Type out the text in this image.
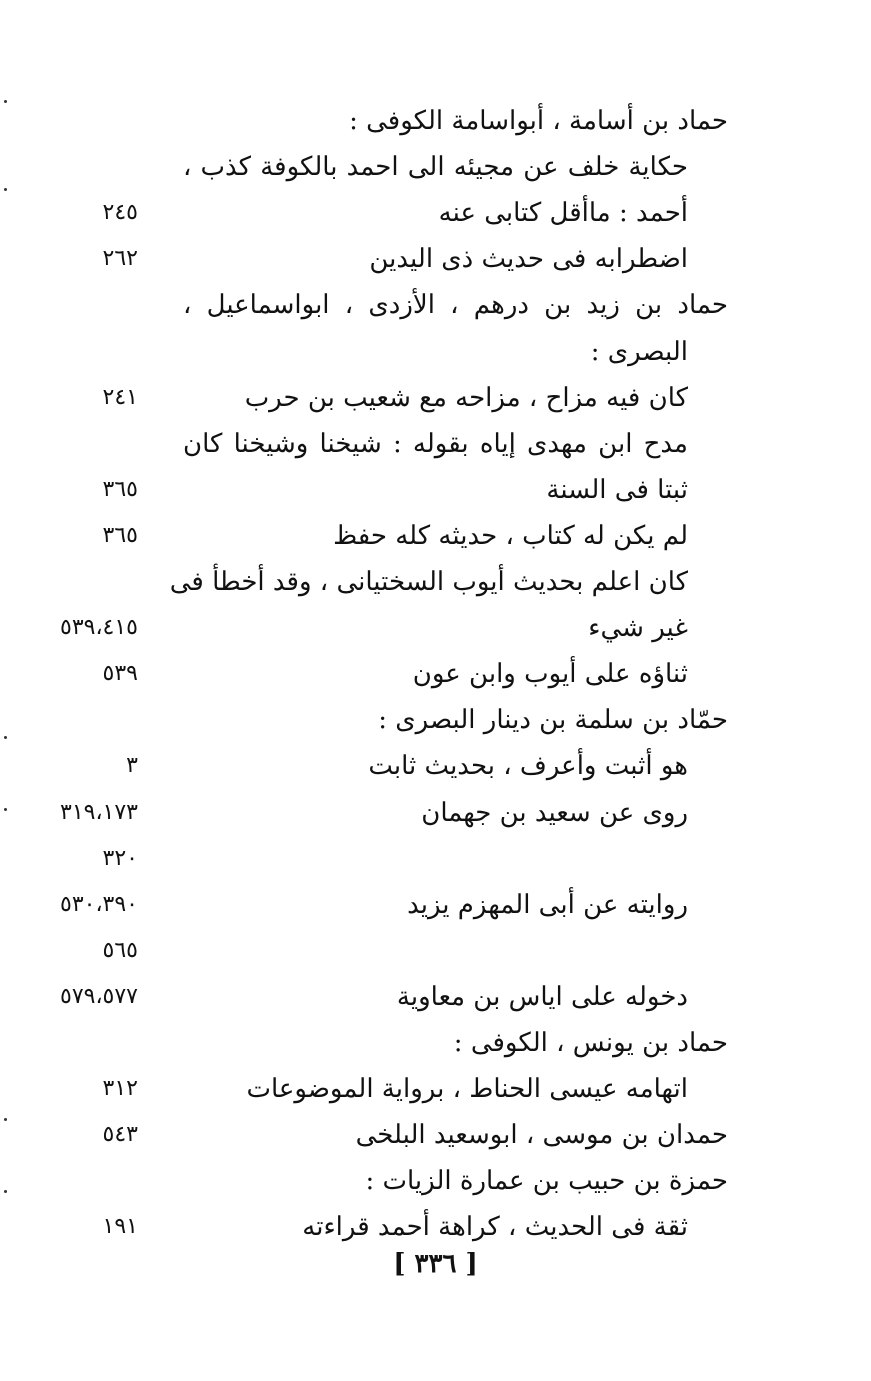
حماد بن أسامة ، أبواسامة الكوفى :
حكاية خلف عن مجيئه الى احمد بالكوفة كذب ،
أحمد : ماأقل كتابى عنه
٢٤٥
اضطرابه فى حديث ذى اليدين
٢٦٢
حماد بن زيد بن درهم ، الأزدى ، ابواسماعيل ،
البصرى :
كان فيه مزاح ، مزاحه مع شعيب بن حرب
٢٤١
مدح ابن مهدى إياه بقوله : شيخنا وشيخنا كان
ثبتا فى السنة
٣٦٥
لم يكن له كتاب ، حديثه كله حفظ
٣٦٥
كان اعلم بحديث أيوب السختيانى ، وقد أخطأ فى
غير شيء
٥٣٩،٤١٥
ثناؤه على أيوب وابن عون
٥٣٩
حمّاد بن سلمة بن دينار البصرى :
هو أثبت وأعرف ، بحديث ثابت
٣
روى عن سعيد بن جهمان
٣١٩،١٧٣
٣٢٠
روايته عن أبى المهزم يزيد
٥٣٠،٣٩٠
٥٦٥
دخوله على اياس بن معاوية
٥٧٩،٥٧٧
حماد بن يونس ، الكوفى :
اتهامه عيسى الحناط ، برواية الموضوعات
٣١٢
حمدان بن موسى ، ابوسعيد البلخى
٥٤٣
حمزة بن حبيب بن عمارة الزيات :
ثقة فى الحديث ، كراهة أحمد قراءته
١٩١
[ ٣٣٦ ]
